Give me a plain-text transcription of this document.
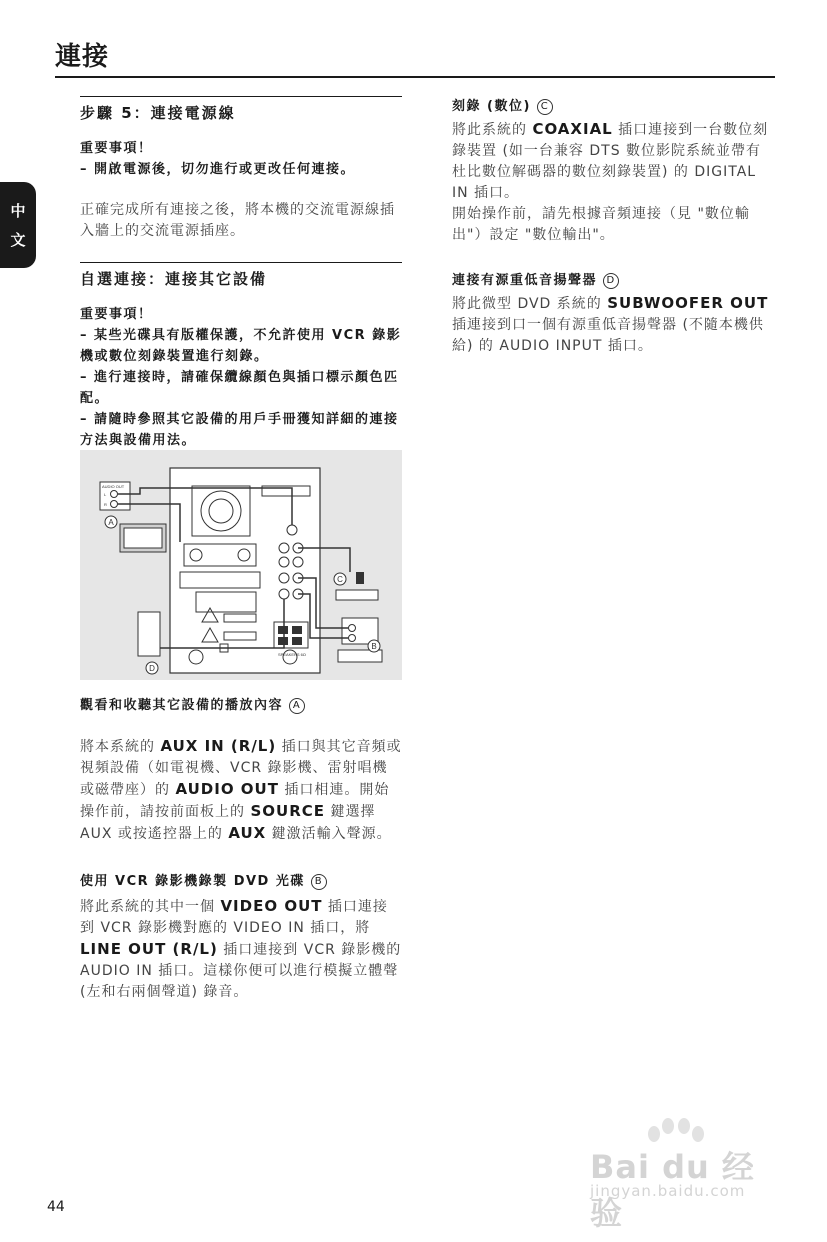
連接
中
文
步驟 5：連接電源線
重要事項！
– 開啟電源後，切勿進行或更改任何連接。

正確完成所有連接之後，將本機的交流電源線插入牆上的交流電源插座。

自選連接：連接其它設備
重要事項！
– 某些光碟具有版權保護，不允許使用 VCR 錄影機或數位刻錄裝置進行刻錄。
– 進行連接時，請確保纜線顏色與插口標示顏色匹配。
– 請隨時參照其它設備的用戶手冊獲知詳細的連接方法與設備用法。
SPEAKERS 6Ω
AUDIO OUT
L
R
A
C
B
D

觀看和收聽其它設備的播放內容 A

將本系統的 AUX IN (R/L) 插口與其它音頻或視頻設備（如電視機、VCR 錄影機、雷射唱機或磁帶座）的 AUDIO OUT 插口相連。開始操作前，請按前面板上的 SOURCE 鍵選擇 AUX 或按遙控器上的 AUX 鍵激活輸入聲源。

使用 VCR 錄影機錄製 DVD 光碟 B

將此系統的其中一個 VIDEO OUT 插口連接到 VCR 錄影機對應的 VIDEO IN 插口，將 LINE OUT (R/L) 插口連接到 VCR 錄影機的 AUDIO IN 插口。這樣你便可以進行模擬立體聲 (左和右兩個聲道) 錄音。

刻錄 (數位) C

將此系統的 COAXIAL 插口連接到一台數位刻錄裝置 (如一台兼容 DTS 數位影院系統並帶有杜比數位解碼器的數位刻錄裝置) 的 DIGITAL IN 插口。

開始操作前，請先根據音頻連接（見 "數位輸出"）設定 "數位輸出"。

連接有源重低音揚聲器 D

將此微型 DVD 系統的 SUBWOOFER OUT 插連接到口一個有源重低音揚聲器 (不隨本機供給) 的 AUDIO INPUT 插口。

Bai du 经验
jingyan.baidu.com
44
